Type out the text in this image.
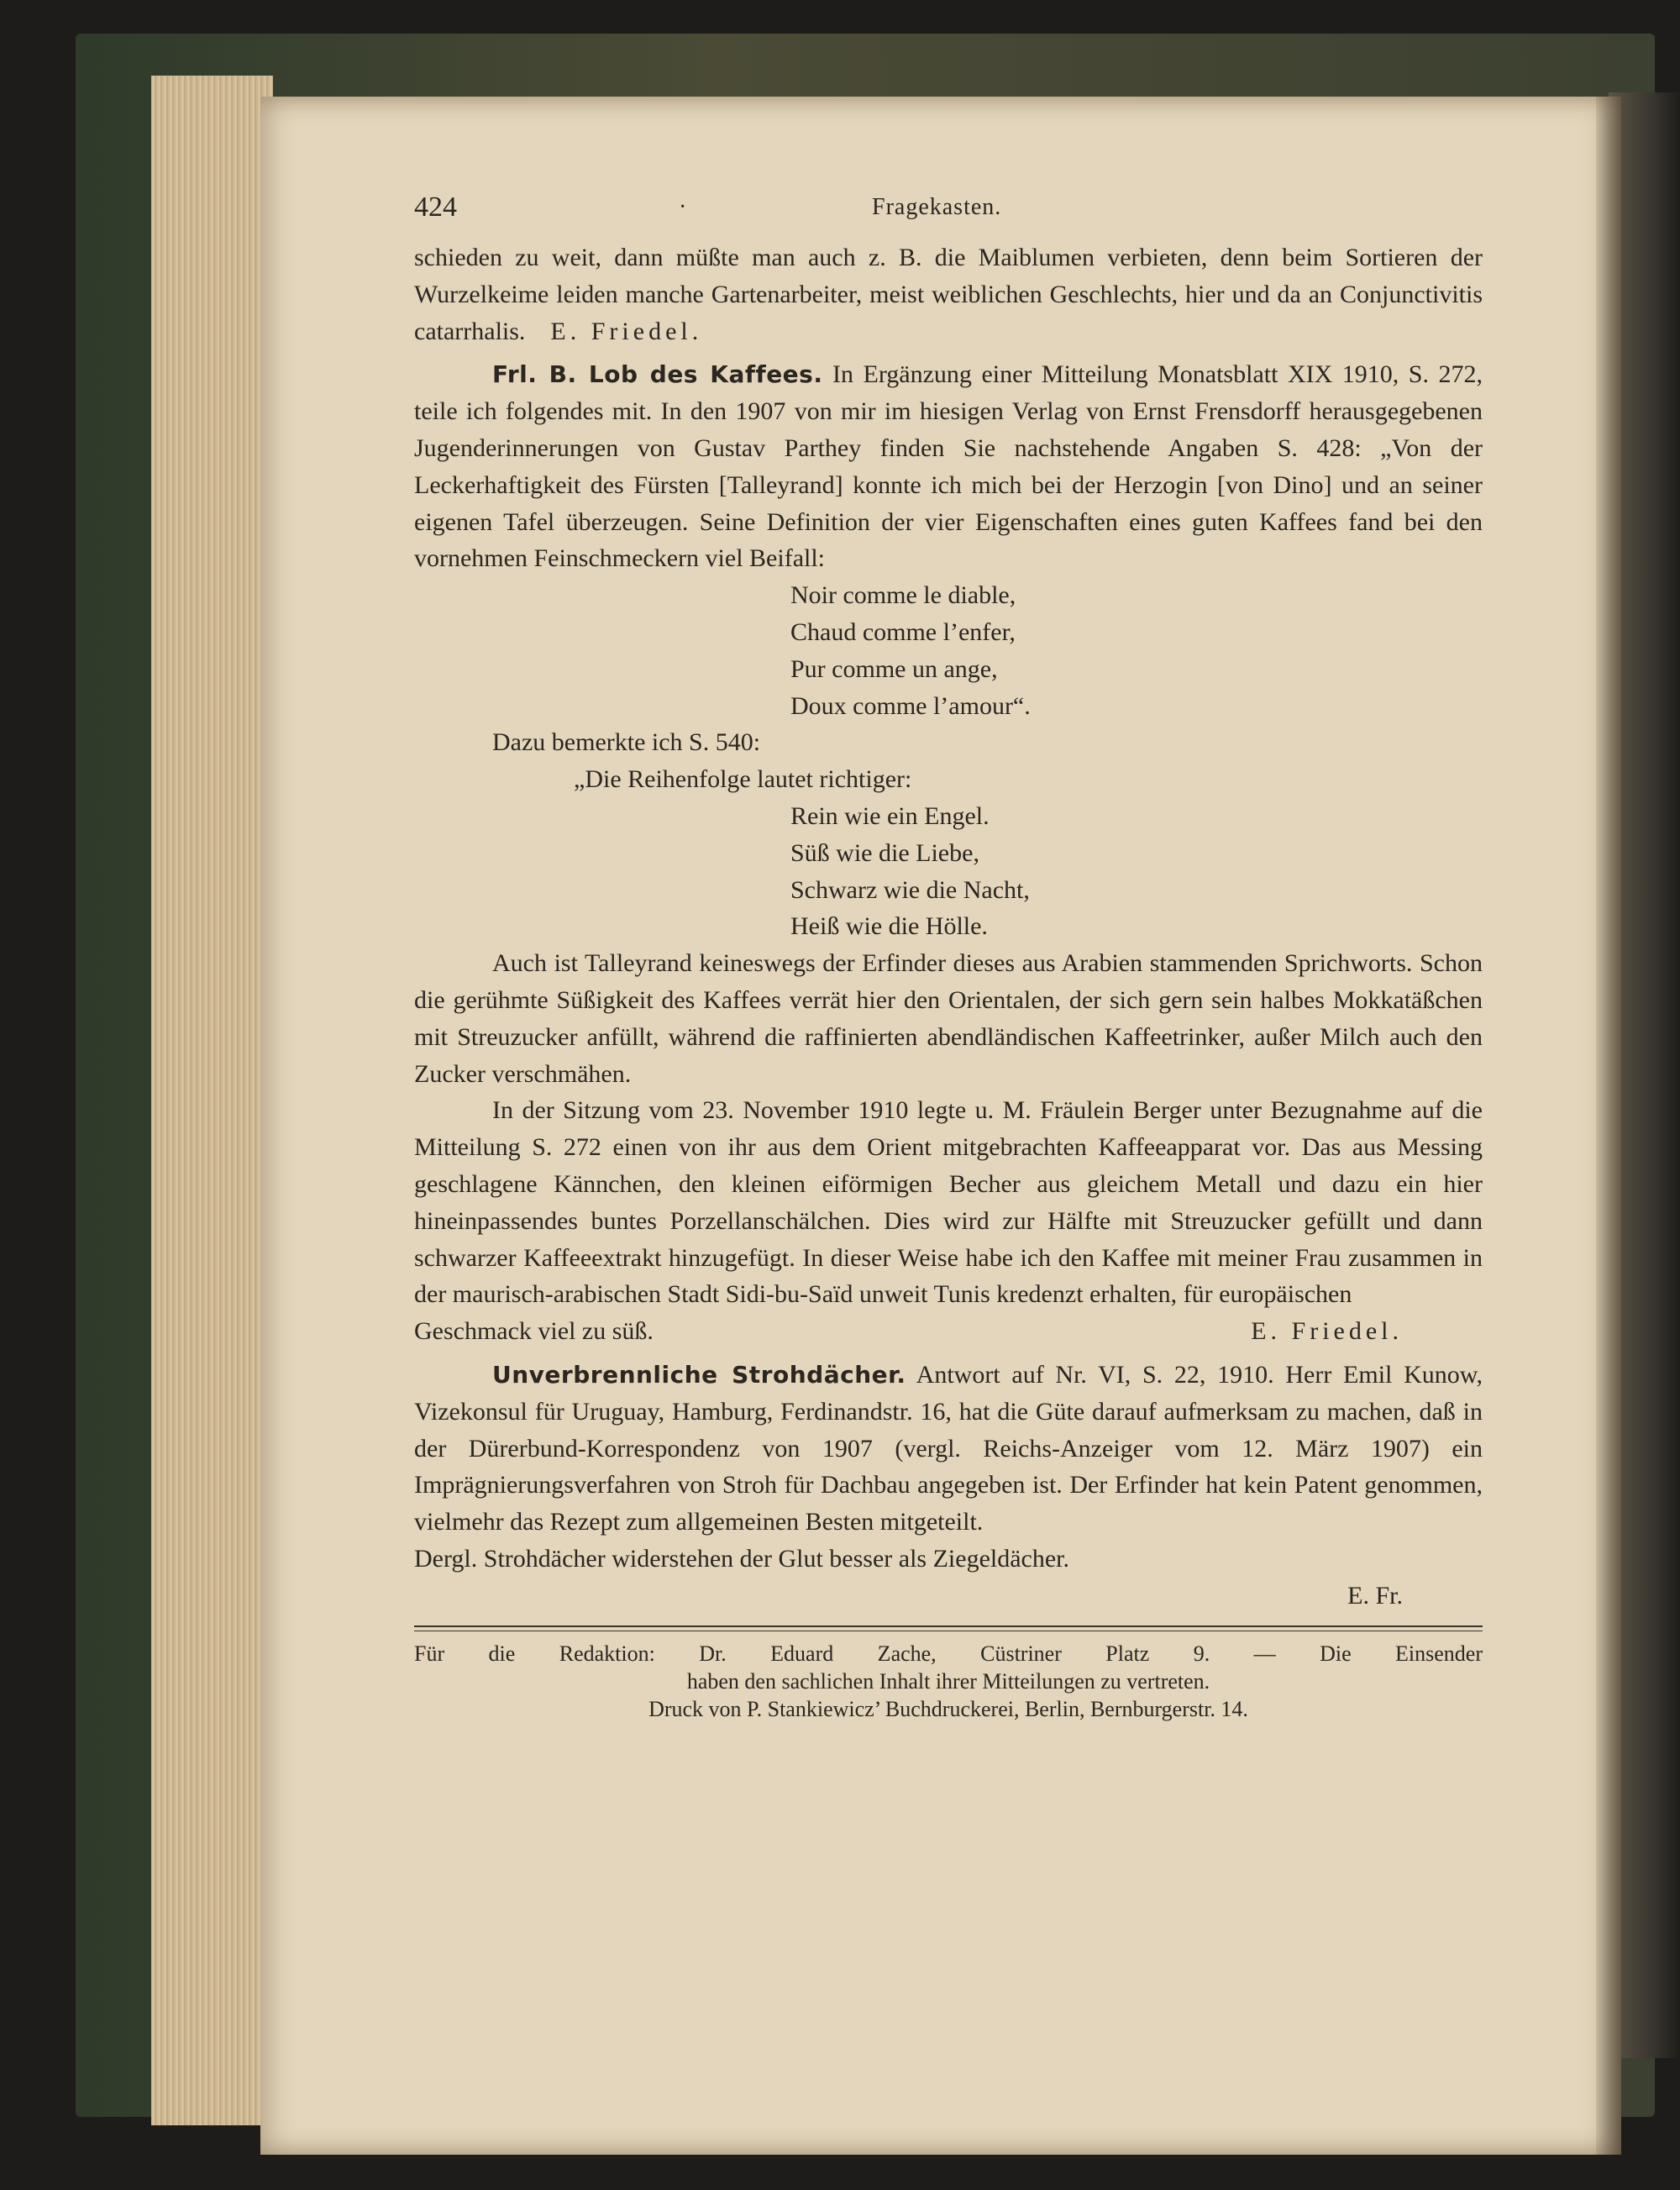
424	·	Fragekasten.

schieden zu weit, dann müßte man auch z. B. die Maiblumen verbieten, denn beim Sortieren der Wurzelkeime leiden manche Gartenarbeiter, meist weiblichen Geschlechts, hier und da an Conjunctivitis catarrhalis. E. Friedel.

Frl. B. Lob des Kaffees. In Ergänzung einer Mitteilung Monatsblatt XIX 1910, S. 272, teile ich folgendes mit. In den 1907 von mir im hiesigen Verlag von Ernst Frensdorff herausgegebenen Jugenderinnerungen von Gustav Parthey finden Sie nachstehende Angaben S. 428: „Von der Leckerhaftigkeit des Fürsten [Talleyrand] konnte ich mich bei der Herzogin [von Dino] und an seiner eigenen Tafel überzeugen. Seine Definition der vier Eigenschaften eines guten Kaffees fand bei den vornehmen Feinschmeckern viel Beifall:

Noir comme le diable,
Chaud comme l’enfer,
Pur comme un ange,
Doux comme l’amour“.
Dazu bemerkte ich S. 540:
„Die Reihenfolge lautet richtiger:
Rein wie ein Engel.
Süß wie die Liebe,
Schwarz wie die Nacht,
Heiß wie die Hölle.

Auch ist Talleyrand keineswegs der Erfinder dieses aus Arabien stammenden Sprichworts. Schon die gerühmte Süßigkeit des Kaffees verrät hier den Orientalen, der sich gern sein halbes Mokkatäßchen mit Streuzucker anfüllt, während die raffinierten abendländischen Kaffeetrinker, außer Milch auch den Zucker verschmähen.

In der Sitzung vom 23. November 1910 legte u. M. Fräulein Berger unter Bezugnahme auf die Mitteilung S. 272 einen von ihr aus dem Orient mitgebrachten Kaffeeapparat vor. Das aus Messing geschlagene Kännchen, den kleinen eiförmigen Becher aus gleichem Metall und dazu ein hier hineinpassendes buntes Porzellanschälchen. Dies wird zur Hälfte mit Streuzucker gefüllt und dann schwarzer Kaffeeextrakt hinzugefügt. In dieser Weise habe ich den Kaffee mit meiner Frau zusammen in der maurisch-arabischen Stadt Sidi-bu-Saïd unweit Tunis kredenzt erhalten, für europäischen

Geschmack viel zu süß.	E. Friedel.

Unverbrennliche Strohdächer. Antwort auf Nr. VI, S. 22, 1910. Herr Emil Kunow, Vizekonsul für Uruguay, Hamburg, Ferdinandstr. 16, hat die Güte darauf aufmerksam zu machen, daß in der Dürerbund-Korrespondenz von 1907 (vergl. Reichs-Anzeiger vom 12. März 1907) ein Imprägnierungsverfahren von Stroh für Dachbau angegeben ist. Der Erfinder hat kein Patent genommen, vielmehr das Rezept zum allgemeinen Besten mitgeteilt.

Dergl. Strohdächer widerstehen der Glut besser als Ziegeldächer.
E. Fr.
Für die Redaktion: Dr. Eduard Zache, Cüstriner Platz 9. — Die Einsender
haben den sachlichen Inhalt ihrer Mitteilungen zu vertreten.
Druck von P. Stankiewicz’ Buchdruckerei, Berlin, Bernburgerstr. 14.
